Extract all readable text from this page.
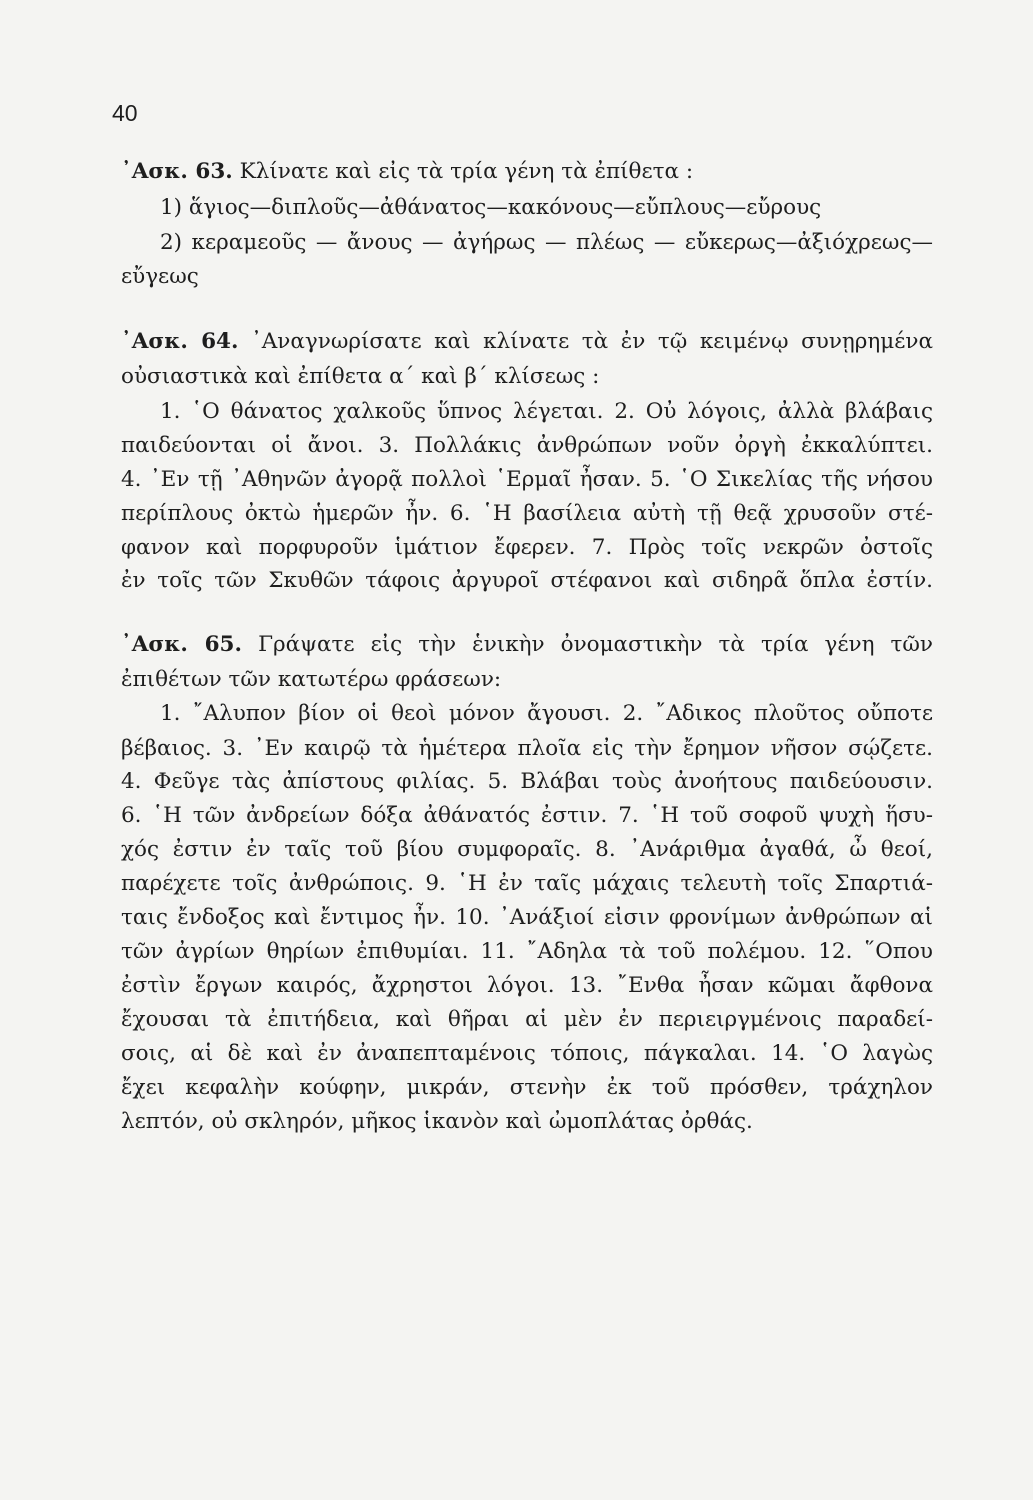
40

᾿Ασκ. 63. Κλίνατε καὶ εἰς τὰ τρία γένη τὰ ἐπίθετα :

1) ἅγιος—διπλοῦς—ἀθάνατος—κακόνους—εὔπλους—εὔρους

2) κεραμεοῦς — ἄνους — ἀγήρως — πλέως — εὔκερως—ἀξιόχρεως—

εὔγεως

᾿Ασκ. 64. ᾿Αναγνωρίσατε καὶ κλίνατε τὰ ἐν τῷ κειμένῳ συνῃρημένα

οὐσιαστικὰ καὶ ἐπίθετα α΄ καὶ β΄ κλίσεως :

1. ῾Ο θάνατος χαλκοῦς ὕπνος λέγεται. 2. Οὐ λόγοις, ἀλλὰ βλάβαις

παιδεύονται οἱ ἄνοι. 3. Πολλάκις ἀνθρώπων νοῦν ὀργὴ ἐκκαλύπτει.

4. ᾿Εν τῇ ᾿Αθηνῶν ἀγορᾷ πολλοὶ ῾Ερμαῖ ἦσαν. 5. ῾Ο Σικελίας τῆς νήσου

περίπλους ὀκτὼ ἡμερῶν ἦν. 6. ῾Η βασίλεια αὐτὴ τῇ θεᾷ χρυσοῦν στέ-

φανον καὶ πορφυροῦν ἱμάτιον ἔφερεν. 7. Πρὸς τοῖς νεκρῶν ὀστοῖς

ἐν τοῖς τῶν Σκυθῶν τάφοις ἀργυροῖ στέφανοι καὶ σιδηρᾶ ὅπλα ἐστίν.

᾿Ασκ. 65. Γράψατε εἰς τὴν ἑνικὴν ὀνομαστικὴν τὰ τρία γένη τῶν

ἐπιθέτων τῶν κατωτέρω φράσεων:

1. ῎Αλυπον βίον οἱ θεοὶ μόνον ἄγουσι. 2. ῎Αδικος πλοῦτος οὔποτε

βέβαιος. 3. ᾿Εν καιρῷ τὰ ἡμέτερα πλοῖα εἰς τὴν ἔρημον νῆσον σῴζετε.

4. Φεῦγε τὰς ἀπίστους φιλίας. 5. Βλάβαι τοὺς ἀνοήτους παιδεύουσιν.

6. ῾Η τῶν ἀνδρείων δόξα ἀθάνατός ἐστιν. 7. ῾Η τοῦ σοφοῦ ψυχὴ ἥσυ-

χός ἐστιν ἐν ταῖς τοῦ βίου συμφοραῖς. 8. ᾿Ανάριθμα ἀγαθά, ὦ θεοί,

παρέχετε τοῖς ἀνθρώποις. 9. ῾Η ἐν ταῖς μάχαις τελευτὴ τοῖς Σπαρτιά-

ταις ἔνδοξος καὶ ἔντιμος ἦν. 10. ᾿Ανάξιοί εἰσιν φρονίμων ἀνθρώπων αἱ

τῶν ἀγρίων θηρίων ἐπιθυμίαι. 11. ῎Αδηλα τὰ τοῦ πολέμου. 12. ῞Οπου

ἐστὶν ἔργων καιρός, ἄχρηστοι λόγοι. 13. ῎Ενθα ἦσαν κῶμαι ἄφθονα

ἔχουσαι τὰ ἐπιτήδεια, καὶ θῆραι αἱ μὲν ἐν περιειργμένοις παραδεί-

σοις, αἱ δὲ καὶ ἐν ἀναπεπταμένοις τόποις, πάγκαλαι. 14. ῾Ο λαγὼς

ἔχει κεφαλὴν κούφην, μικράν, στενὴν ἐκ τοῦ πρόσθεν, τράχηλον

λεπτόν, οὐ σκληρόν, μῆκος ἱκανὸν καὶ ὠμοπλάτας ὀρθάς.
